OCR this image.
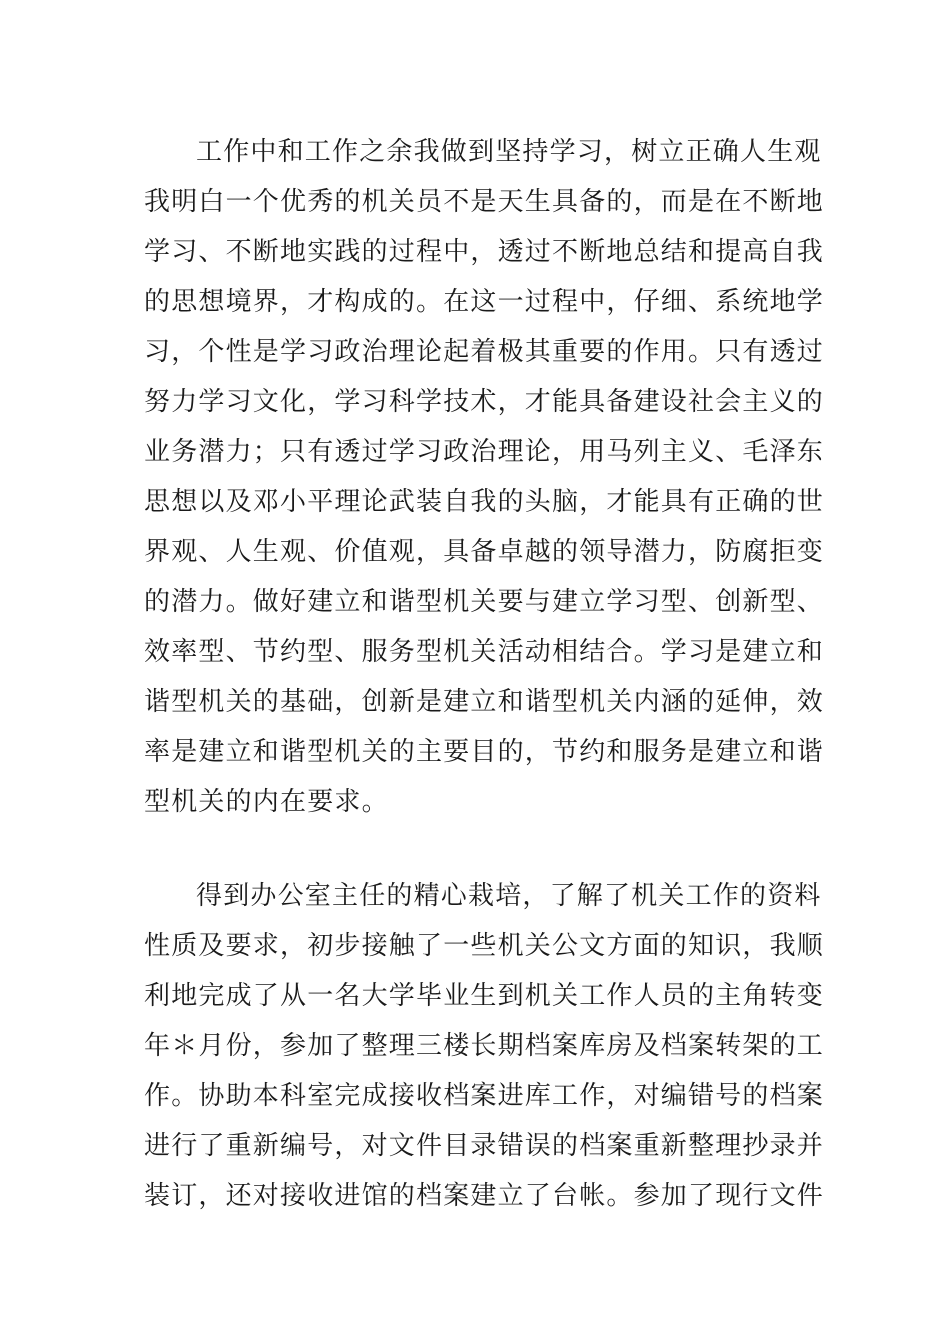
工作中和工作之余我做到坚持学习，树立正确人生观
我明白一个优秀的机关员不是天生具备的，而是在不断地
学习、不断地实践的过程中，透过不断地总结和提高自我
的思想境界，才构成的。在这一过程中，仔细、系统地学
习，个性是学习政治理论起着极其重要的作用。只有透过
努力学习文化，学习科学技术，才能具备建设社会主义的
业务潜力；只有透过学习政治理论，用马列主义、毛泽东
思想以及邓小平理论武装自我的头脑，才能具有正确的世
界观、人生观、价值观，具备卓越的领导潜力，防腐拒变
的潜力。做好建立和谐型机关要与建立学习型、创新型、
效率型、节约型、服务型机关活动相结合。学习是建立和
谐型机关的基础，创新是建立和谐型机关内涵的延伸，效
率是建立和谐型机关的主要目的，节约和服务是建立和谐
型机关的内在要求。
得到办公室主任的精心栽培，了解了机关工作的资料
性质及要求，初步接触了一些机关公文方面的知识，我顺
利地完成了从一名大学毕业生到机关工作人员的主角转变
年＊月份，参加了整理三楼长期档案库房及档案转架的工
作。协助本科室完成接收档案进库工作，对编错号的档案
进行了重新编号，对文件目录错误的档案重新整理抄录并
装订，还对接收进馆的档案建立了台帐。参加了现行文件
